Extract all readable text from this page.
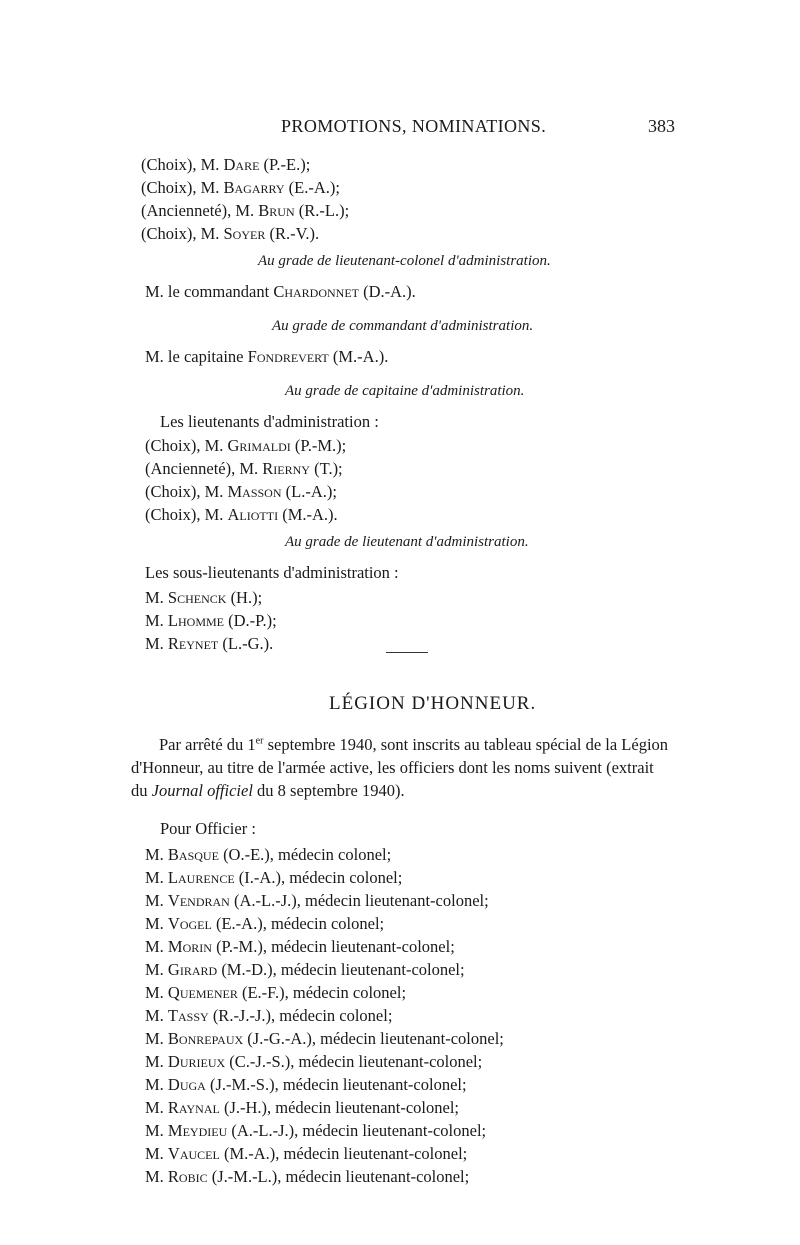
PROMOTIONS, NOMINATIONS.	383
(Choix), M. Dare (P.-E.);
(Choix), M. Bagarry (E.-A.);
(Ancienneté), M. Brun (R.-L.);
(Choix), M. Soyer (R.-V.).
Au grade de lieutenant-colonel d'administration.
M. le commandant Chardonnet (D.-A.).
Au grade de commandant d'administration.
M. le capitaine Fondrevert (M.-A.).
Au grade de capitaine d'administration.
Les lieutenants d'administration :
(Choix), M. Grimaldi (P.-M.);
(Ancienneté), M. Rierny (T.);
(Choix), M. Masson (L.-A.);
(Choix), M. Aliotti (M.-A.).
Au grade de lieutenant d'administration.
Les sous-lieutenants d'administration :
M. Schenck (H.);
M. Lhomme (D.-P.);
M. Reynet (L.-G.).
LÉGION D'HONNEUR.
Par arrêté du 1er septembre 1940, sont inscrits au tableau spécial de la Légion
d'Honneur, au titre de l'armée active, les officiers dont les noms suivent (extrait
du Journal officiel du 8 septembre 1940).
Pour Officier :
M. Basque (O.-E.), médecin colonel;
M. Laurence (I.-A.), médecin colonel;
M. Vendran (A.-L.-J.), médecin lieutenant-colonel;
M. Vogel (E.-A.), médecin colonel;
M. Morin (P.-M.), médecin lieutenant-colonel;
M. Girard (M.-D.), médecin lieutenant-colonel;
M. Quemener (E.-F.), médecin colonel;
M. Tassy (R.-J.-J.), médecin colonel;
M. Bonrepaux (J.-G.-A.), médecin lieutenant-colonel;
M. Durieux (C.-J.-S.), médecin lieutenant-colonel;
M. Duga (J.-M.-S.), médecin lieutenant-colonel;
M. Raynal (J.-H.), médecin lieutenant-colonel;
M. Meydieu (A.-L.-J.), médecin lieutenant-colonel;
M. Vaucel (M.-A.), médecin lieutenant-colonel;
M. Robic (J.-M.-L.), médecin lieutenant-colonel;
